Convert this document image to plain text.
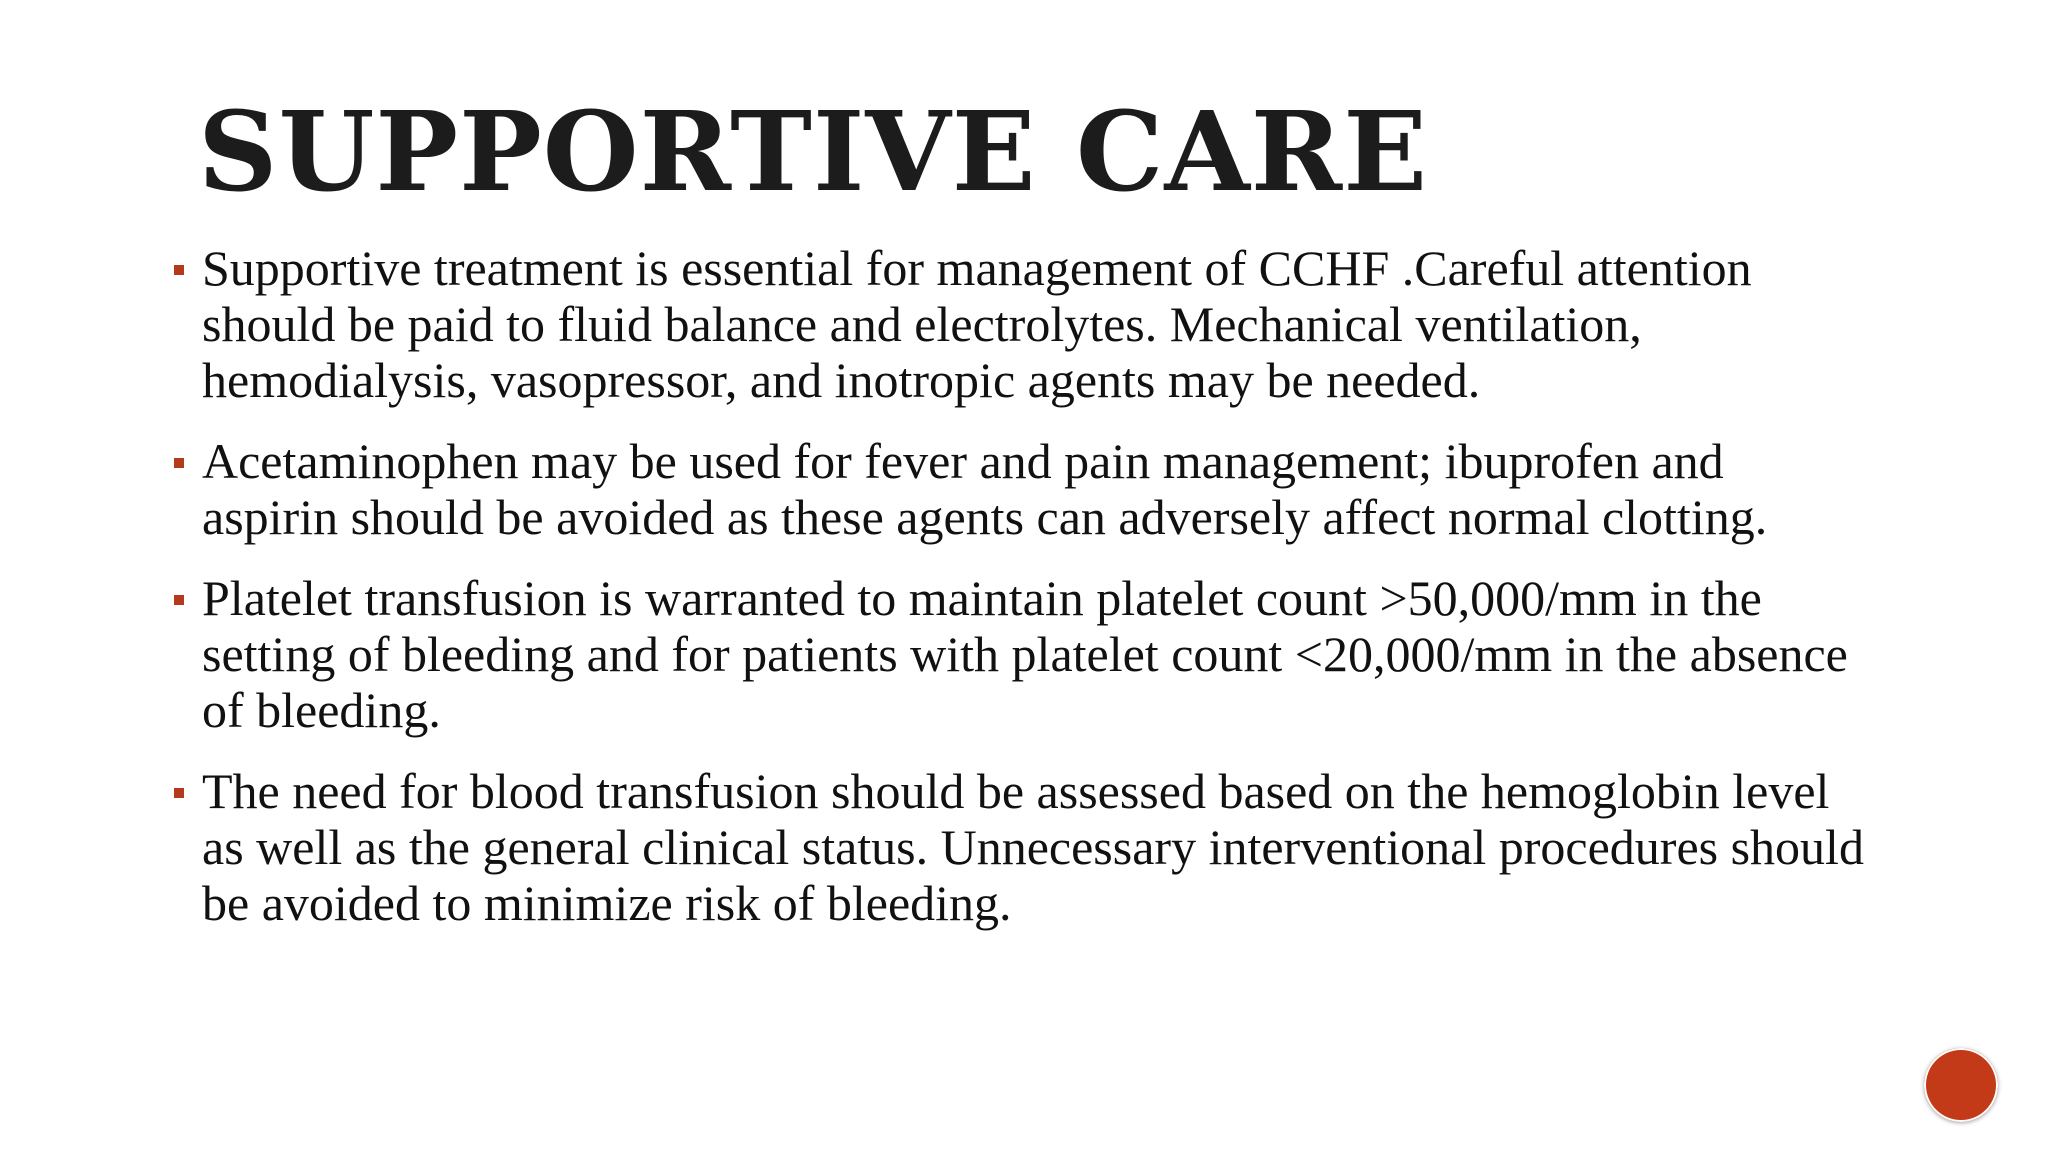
SUPPORTIVE CARE
Supportive treatment is essential for management of CCHF .Careful attention should be paid to fluid balance and electrolytes. Mechanical ventilation, hemodialysis, vasopressor, and inotropic agents may be needed.
Acetaminophen may be used for fever and pain management; ibuprofen and aspirin should be avoided as these agents can adversely affect normal clotting.
Platelet transfusion is warranted to maintain platelet count >50,000/mm in the setting of bleeding and for patients with platelet count <20,000/mm in the absence of bleeding.
The need for blood transfusion should be assessed based on the hemoglobin level as well as the general clinical status. Unnecessary interventional procedures should be avoided to minimize risk of bleeding.
